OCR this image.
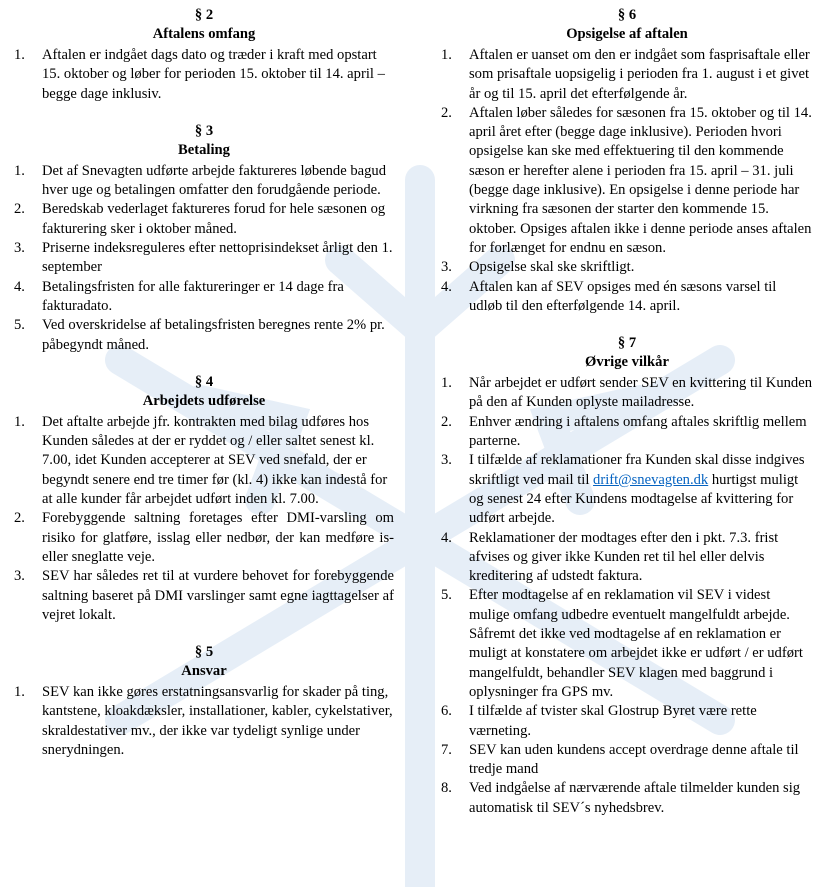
§ 2
Aftalens omfang
1. Aftalen er indgået dags dato og træder i kraft med opstart 15. oktober og løber for perioden 15. oktober til 14. april – begge dage inklusiv.
§ 3
Betaling
1. Det af Snevagten udførte arbejde faktureres løbende bagud hver uge og betalingen omfatter den forudgående periode.
2. Beredskab vederlaget faktureres forud for hele sæsonen og fakturering sker i oktober måned.
3. Priserne indeksreguleres efter nettoprisindekset årligt den 1. september
4. Betalingsfristen for alle faktureringer er 14 dage fra fakturadato.
5. Ved overskridelse af betalingsfristen beregnes rente 2% pr. påbegyndt måned.
§ 4
Arbejdets udførelse
1. Det aftalte arbejde jfr. kontrakten med bilag udføres hos Kunden således at der er ryddet og / eller saltet senest kl. 7.00, idet Kunden accepterer at SEV ved snefald, der er begyndt senere end tre timer før (kl. 4) ikke kan indestå for at alle kunder får arbejdet udført inden kl. 7.00.
2. Forebyggende saltning foretages efter DMI-varsling om risiko for glatføre, isslag eller nedbør, der kan medføre is- eller sneglatte veje.
3. SEV har således ret til at vurdere behovet for forebyggende saltning baseret på DMI varslinger samt egne iagttagelser af vejret lokalt.
§ 5
Ansvar
1. SEV kan ikke gøres erstatningsansvarlig for skader på ting, kantstene, kloakdæksler, installationer, kabler, cykelstativer, skraldestativer mv., der ikke var tydeligt synlige under snerydningen.
§ 6
Opsigelse af aftalen
1. Aftalen er uanset om den er indgået som fasprisaftale eller som prisaftale uopsigelig i perioden fra 1. august i et givet år og til 15. april det efterfølgende år.
2. Aftalen løber således for sæsonen fra 15. oktober og til 14. april året efter (begge dage inklusive). Perioden hvori opsigelse kan ske med effektuering til den kommende sæson er herefter alene i perioden fra 15. april – 31. juli (begge dage inklusive). En opsigelse i denne periode har virkning fra sæsonen der starter den kommende 15. oktober. Opsiges aftalen ikke i denne periode anses aftalen for forlænget for endnu en sæson.
3. Opsigelse skal ske skriftligt.
4. Aftalen kan af SEV opsiges med én sæsons varsel til udløb til den efterfølgende 14. april.
§ 7
Øvrige vilkår
1. Når arbejdet er udført sender SEV en kvittering til Kunden på den af Kunden oplyste mailadresse.
2. Enhver ændring i aftalens omfang aftales skriftlig mellem parterne.
3. I tilfælde af reklamationer fra Kunden skal disse indgives skriftligt ved mail til drift@snevagten.dk hurtigst muligt og senest 24 efter Kundens modtagelse af kvittering for udført arbejde.
4. Reklamationer der modtages efter den i pkt. 7.3. frist afvises og giver ikke Kunden ret til hel eller delvis kreditering af udstedt faktura.
5. Efter modtagelse af en reklamation vil SEV i videst mulige omfang udbedre eventuelt mangelfuldt arbejde. Såfremt det ikke ved modtagelse af en reklamation er muligt at konstatere om arbejdet ikke er udført / er udført mangelfuldt, behandler SEV klagen med baggrund i oplysninger fra GPS mv.
6. I tilfælde af tvister skal Glostrup Byret være rette værneting.
7. SEV kan uden kundens accept overdrage denne aftale til tredje mand
8. Ved indgåelse af nærværende aftale tilmelder kunden sig automatisk til SEV´s nyhedsbrev.
